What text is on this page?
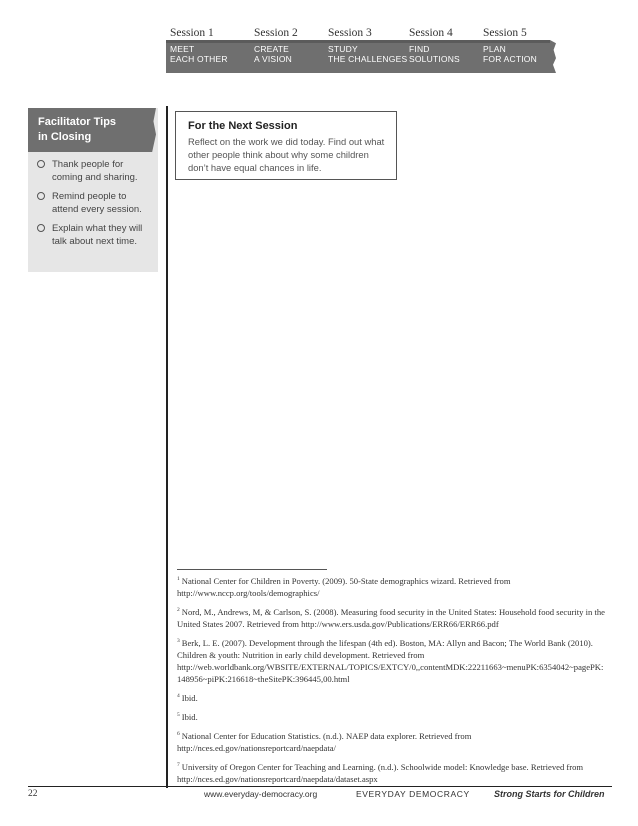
Session 1
MEET
EACH OTHER
Session 2
CREATE
A VISION
Session 3
STUDY
THE CHALLENGES
Session 4
FIND
SOLUTIONS
Session 5
PLAN
FOR ACTION
Facilitator Tips
in Closing
Thank people for coming and sharing.
Remind people to attend every session.
Explain what they will talk about next time.
For the Next Session
Reflect on the work we did today. Find out what other people think about why some children don’t have equal chances in life.
$^1$ National Center for Children in Poverty. (2009). 50-State demographics wizard. Retrieved from http://www.nccp.org/tools/demographics/
$^2$ Nord, M., Andrews, M, & Carlson, S. (2008). Measuring food security in the United States: Household food security in the United States 2007. Retrieved from http://www.ers.usda.gov/Publications/ERR66/ERR66.pdf
$^3$ Berk, L. E. (2007). Development through the lifespan (4th ed). Boston, MA: Allyn and Bacon; The World Bank (2010). Children & youth: Nutrition in early child development. Retrieved from http://web.worldbank.org/WBSITE/EXTERNAL/TOPICS/EXTCY/0,,contentMDK:22211663~menuPK:6354042~pagePK:148956~piPK:216618~theSitePK:396445,00.html
$^4$ Ibid.
$^5$ Ibid.
$^6$ National Center for Education Statistics. (n.d.). NAEP data explorer. Retrieved from http://nces.ed.gov/nationsreportcard/naepdata/
$^7$ University of Oregon Center for Teaching and Learning. (n.d.). Schoolwide model: Knowledge base. Retrieved from http://nces.ed.gov/nationsreportcard/naepdata/dataset.aspx
22	www.everyday-democracy.org	EVERYDAY DEMOCRACY	Strong Starts for Children
